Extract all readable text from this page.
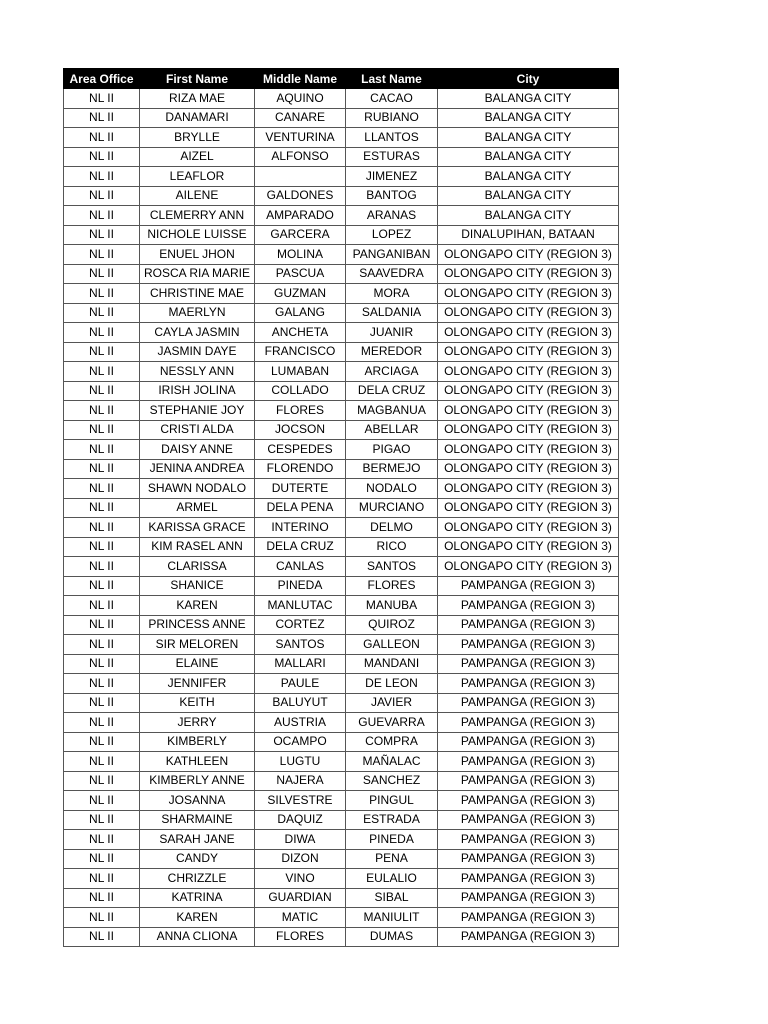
Area Office	First Name	Middle Name	Last Name	City
NL II	RIZA MAE	AQUINO	CACAO	BALANGA CITY
NL II	DANAMARI	CANARE	RUBIANO	BALANGA CITY
NL II	BRYLLE	VENTURINA	LLANTOS	BALANGA CITY
NL II	AIZEL	ALFONSO	ESTURAS	BALANGA CITY
NL II	LEAFLOR		JIMENEZ	BALANGA CITY
NL II	AILENE	GALDONES	BANTOG	BALANGA CITY
NL II	CLEMERRY ANN	AMPARADO	ARANAS	BALANGA CITY
NL II	NICHOLE LUISSE	GARCERA	LOPEZ	DINALUPIHAN, BATAAN
NL II	ENUEL JHON	MOLINA	PANGANIBAN	OLONGAPO CITY (REGION 3)
NL II	ROSCA RIA MARIE	PASCUA	SAAVEDRA	OLONGAPO CITY (REGION 3)
NL II	CHRISTINE MAE	GUZMAN	MORA	OLONGAPO CITY (REGION 3)
NL II	MAERLYN	GALANG	SALDANIA	OLONGAPO CITY (REGION 3)
NL II	CAYLA JASMIN	ANCHETA	JUANIR	OLONGAPO CITY (REGION 3)
NL II	JASMIN DAYE	FRANCISCO	MEREDOR	OLONGAPO CITY (REGION 3)
NL II	NESSLY ANN	LUMABAN	ARCIAGA	OLONGAPO CITY (REGION 3)
NL II	IRISH JOLINA	COLLADO	DELA CRUZ	OLONGAPO CITY (REGION 3)
NL II	STEPHANIE JOY	FLORES	MAGBANUA	OLONGAPO CITY (REGION 3)
NL II	CRISTI ALDA	JOCSON	ABELLAR	OLONGAPO CITY (REGION 3)
NL II	DAISY ANNE	CESPEDES	PIGAO	OLONGAPO CITY (REGION 3)
NL II	JENINA ANDREA	FLORENDO	BERMEJO	OLONGAPO CITY (REGION 3)
NL II	SHAWN NODALO	DUTERTE	NODALO	OLONGAPO CITY (REGION 3)
NL II	ARMEL	DELA PENA	MURCIANO	OLONGAPO CITY (REGION 3)
NL II	KARISSA GRACE	INTERINO	DELMO	OLONGAPO CITY (REGION 3)
NL II	KIM RASEL ANN	DELA CRUZ	RICO	OLONGAPO CITY (REGION 3)
NL II	CLARISSA	CANLAS	SANTOS	OLONGAPO CITY (REGION 3)
NL II	SHANICE	PINEDA	FLORES	PAMPANGA (REGION 3)
NL II	KAREN	MANLUTAC	MANUBA	PAMPANGA (REGION 3)
NL II	PRINCESS ANNE	CORTEZ	QUIROZ	PAMPANGA (REGION 3)
NL II	SIR MELOREN	SANTOS	GALLEON	PAMPANGA (REGION 3)
NL II	ELAINE	MALLARI	MANDANI	PAMPANGA (REGION 3)
NL II	JENNIFER	PAULE	DE LEON	PAMPANGA (REGION 3)
NL II	KEITH	BALUYUT	JAVIER	PAMPANGA (REGION 3)
NL II	JERRY	AUSTRIA	GUEVARRA	PAMPANGA (REGION 3)
NL II	KIMBERLY	OCAMPO	COMPRA	PAMPANGA (REGION 3)
NL II	KATHLEEN	LUGTU	MAÑALAC	PAMPANGA (REGION 3)
NL II	KIMBERLY ANNE	NAJERA	SANCHEZ	PAMPANGA (REGION 3)
NL II	JOSANNA	SILVESTRE	PINGUL	PAMPANGA (REGION 3)
NL II	SHARMAINE	DAQUIZ	ESTRADA	PAMPANGA (REGION 3)
NL II	SARAH JANE	DIWA	PINEDA	PAMPANGA (REGION 3)
NL II	CANDY	DIZON	PENA	PAMPANGA (REGION 3)
NL II	CHRIZZLE	VINO	EULALIO	PAMPANGA (REGION 3)
NL II	KATRINA	GUARDIAN	SIBAL	PAMPANGA (REGION 3)
NL II	KAREN	MATIC	MANIULIT	PAMPANGA (REGION 3)
NL II	ANNA CLIONA	FLORES	DUMAS	PAMPANGA (REGION 3)
